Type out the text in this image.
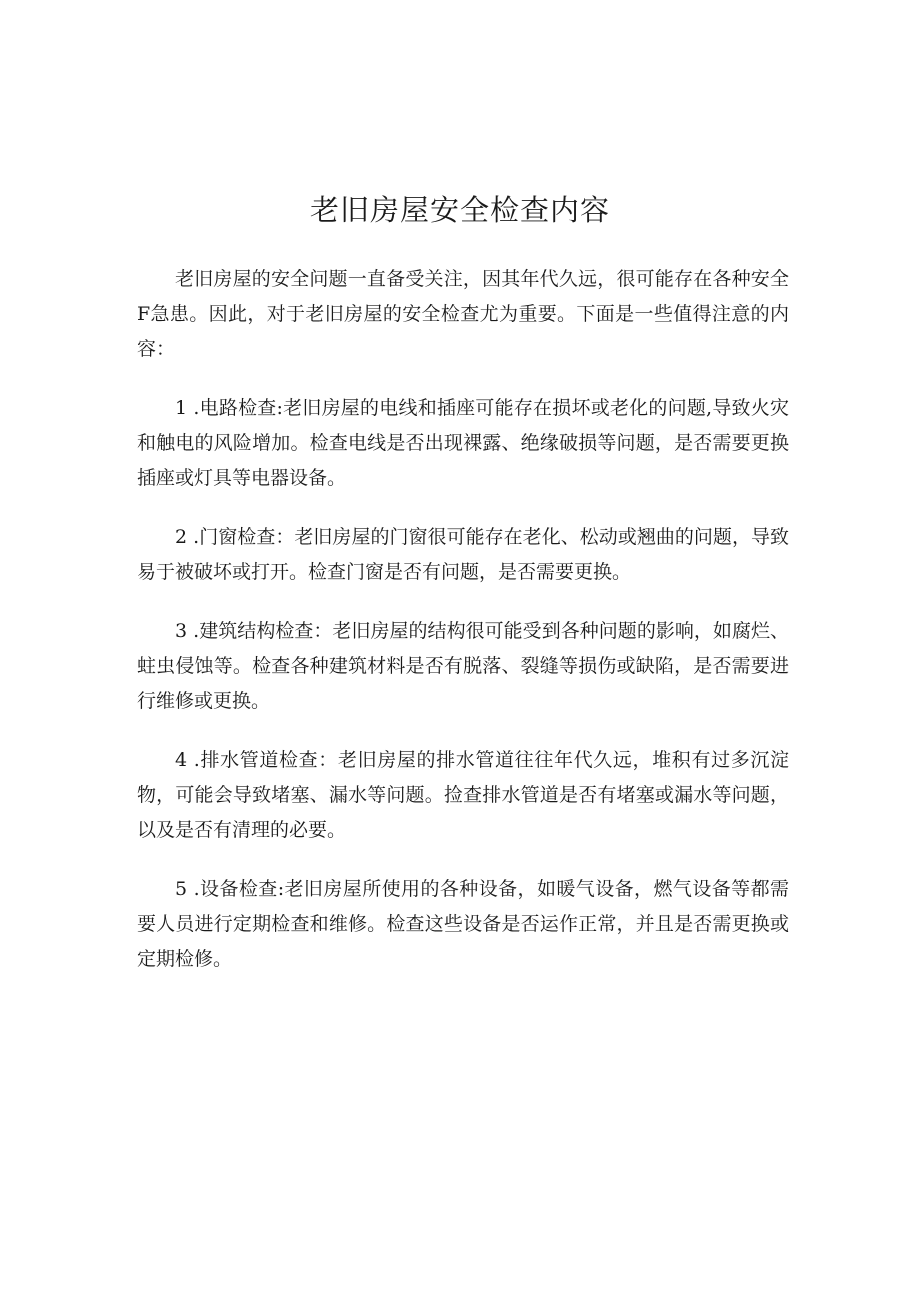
老旧房屋安全检查内容

老旧房屋的安全问题一直备受关注，因其年代久远，很可能存在各种安全F急患。因此，对于老旧房屋的安全检查尤为重要。下面是一些值得注意的内容：

1 .电路检查:老旧房屋的电线和插座可能存在损坏或老化的问题,导致火灾和触电的风险增加。检查电线是否出现裸露、绝缘破损等问题，是否需要更换插座或灯具等电器设备。

2 .门窗检查：老旧房屋的门窗很可能存在老化、松动或翘曲的问题，导致易于被破坏或打开。检查门窗是否有问题，是否需要更换。

3 .建筑结构检查：老旧房屋的结构很可能受到各种问题的影响，如腐烂、蛀虫侵蚀等。检查各种建筑材料是否有脱落、裂缝等损伤或缺陷，是否需要进行维修或更换。

4 .排水管道检查：老旧房屋的排水管道往往年代久远，堆积有过多沉淀物，可能会导致堵塞、漏水等问题。捡查排水管道是否有堵塞或漏水等问题，以及是否有清理的必要。

5 .设备检查:老旧房屋所使用的各种设备，如暖气设备，燃气设备等都需要人员进行定期检查和维修。检查这些设备是否运作正常，并且是否需更换或定期检修。
